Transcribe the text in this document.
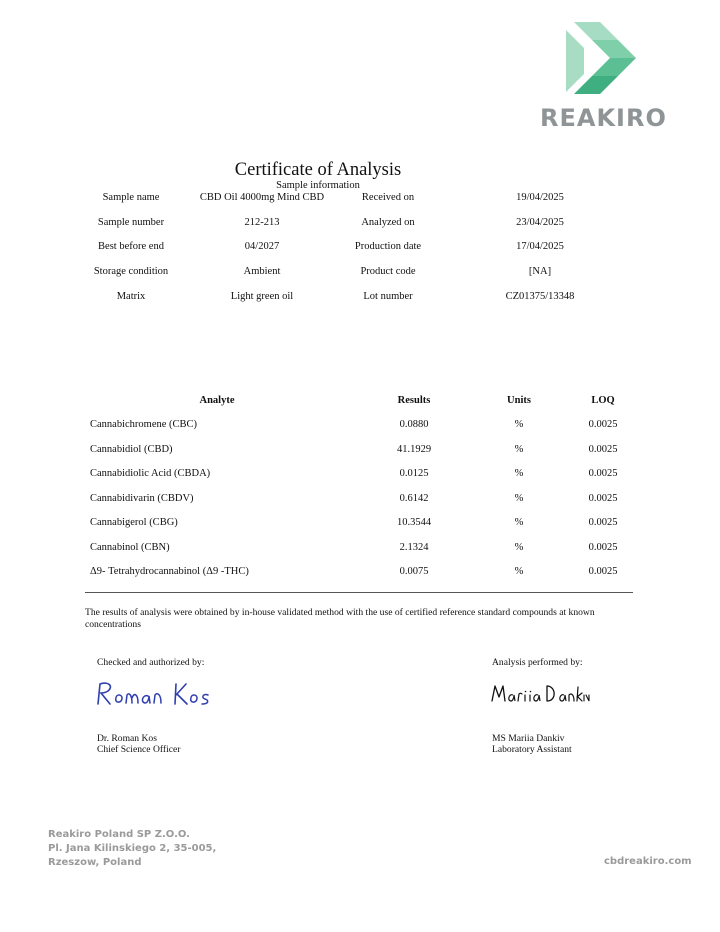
REAKIRO
Certificate of Analysis
Sample information
Sample name	CBD Oil 4000mg Mind CBD	Received on	19/04/2025
Sample number	212-213	Analyzed on	23/04/2025
Best before end	04/2027	Production date	17/04/2025
Storage condition	Ambient	Product code	[NA]
Matrix	Light green oil	Lot number	CZ01375/13348
Analyte	Results	Units	LOQ
Cannabichromene (CBC)	0.0880	%	0.0025
Cannabidiol (CBD)	41.1929	%	0.0025
Cannabidiolic Acid (CBDA)	0.0125	%	0.0025
Cannabidivarin (CBDV)	0.6142	%	0.0025
Cannabigerol (CBG)	10.3544	%	0.0025
Cannabinol (CBN)	2.1324	%	0.0025
Δ9- Tetrahydrocannabinol (Δ9 -THC)	0.0075	%	0.0025
The results of analysis were obtained by in-house validated method with the use of certified reference standard compounds at known concentrations
Checked and authorized by:	Analysis performed by:
Dr. Roman Kos
Chief Science Officer
MS Mariia Dankiv
Laboratory Assistant
Reakiro Poland SP Z.O.O.
Pl. Jana Kilinskiego 2, 35-005,
Rzeszow, Poland	cbdreakiro.com
